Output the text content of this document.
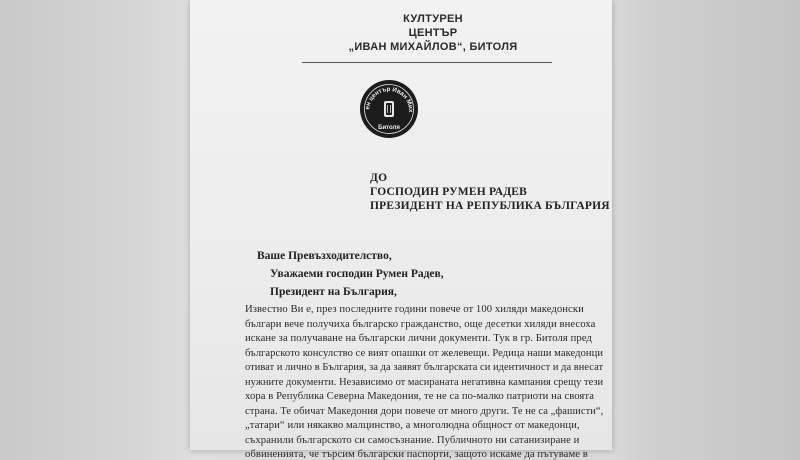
КУЛТУРЕН
ЦЕНТЪР
„ИВАН МИХАЙЛОВ“, БИТОЛЯ
ен център Иван Мих
Битоля
ДО
ГОСПОДИН РУМЕН РАДЕВ
ПРЕЗИДЕНТ НА РЕПУБЛИКА БЪЛГАРИЯ
Ваше Превъзходителство,
Уважаеми господин Румен Радев,
Президент на България,
Известно Ви е, през последните години повече от 100 хиляди македонски
българи вече получиха българско гражданство, още десетки хиляди внесоха
искане за получаване на български лични документи. Тук в гр. Битоля пред
българското консулство се вият опашки от желевещи. Редица наши македонци
отиват и лично в България, за да заявят българската си идентичност и да внесат
нужните документи. Независимо от масираната негативна кампания срещу тези
хора в Република Северна Македония, те не са по-малко патриоти на своята
страна. Те обичат Македония дори повече от много други. Те не са „фашисти“,
„татари“ или някакво малцинство, а многолюдна общност от македонци,
съхранили българското си самосъзнание. Публичното ни сатанизиране и
обвиненията, че търсим български паспорти, защото искаме да пътуваме в
